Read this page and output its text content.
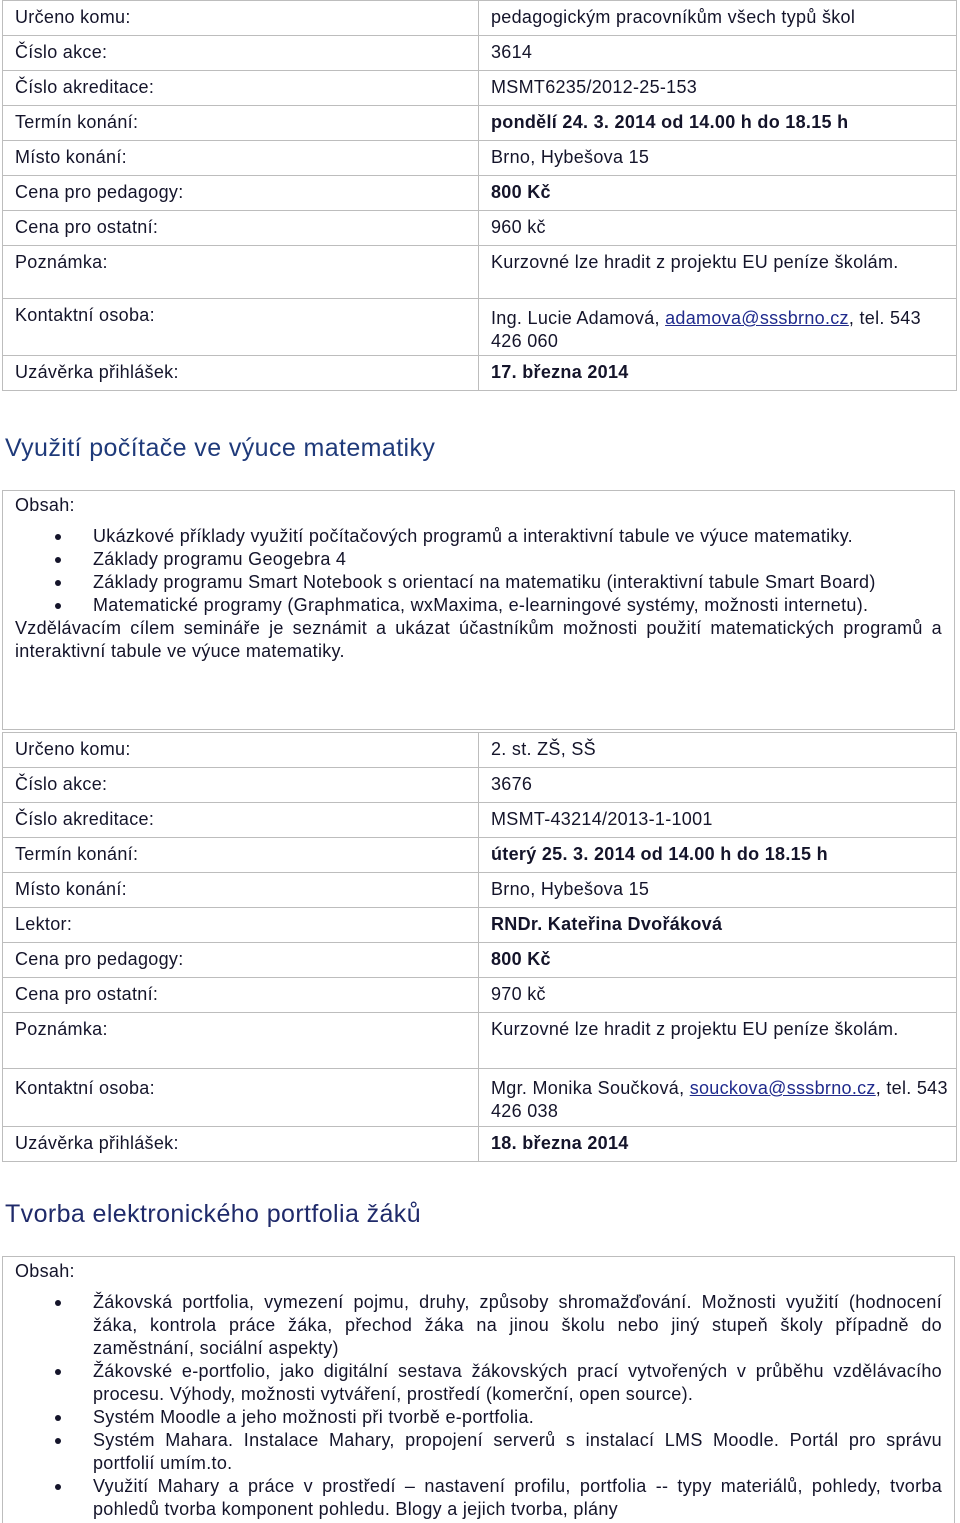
Určeno komu:	pedagogickým pracovníkům všech typů škol
Číslo akce:	3614
Číslo akreditace:	MSMT6235/2012-25-153
Termín konání:	pondělí 24. 3. 2014 od 14.00 h do 18.15 h
Místo konání:	Brno, Hybešova 15
Cena pro pedagogy:	800 Kč
Cena pro ostatní:	960 kč
Poznámka:	Kurzovné lze hradit z projektu EU peníze školám.
Kontaktní osoba:	Ing. Lucie Adamová, adamova@sssbrno.cz, tel. 543 426 060
Uzávěrka přihlášek:	17. března 2014
Využití počítače ve výuce matematiky
Obsah:
Ukázkové příklady využití počítačových programů a interaktivní tabule ve výuce matematiky.
Základy programu Geogebra 4
Základy programu Smart Notebook s orientací na matematiku (interaktivní tabule Smart Board)
Matematické programy (Graphmatica, wxMaxima, e-learningové systémy, možnosti internetu).

Vzdělávacím cílem semináře je seznámit a ukázat účastníkům možnosti použití matematických programů a interaktivní tabule ve výuce matematiky.

Určeno komu:	2. st. ZŠ, SŠ
Číslo akce:	3676
Číslo akreditace:	MSMT-43214/2013-1-1001
Termín konání:	úterý 25. 3. 2014 od 14.00 h do 18.15 h
Místo konání:	Brno, Hybešova 15
Lektor:	RNDr. Kateřina Dvořáková
Cena pro pedagogy:	800 Kč
Cena pro ostatní:	970 kč
Poznámka:	Kurzovné lze hradit z projektu EU peníze školám.
Kontaktní osoba:	Mgr. Monika Součková, souckova@sssbrno.cz, tel. 543 426 038
Uzávěrka přihlášek:	18. března 2014
Tvorba elektronického portfolia žáků
Obsah:
Žákovská portfolia, vymezení pojmu, druhy, způsoby shromažďování. Možnosti využití (hodnocení žáka, kontrola práce žáka, přechod žáka na jinou školu nebo jiný stupeň školy případně do zaměstnání, sociální aspekty)
Žákovské e-portfolio, jako digitální sestava žákovských prací vytvořených v průběhu vzdělávacího procesu. Výhody, možnosti vytváření, prostředí (komerční, open source).
Systém Moodle a jeho možnosti při tvorbě e-portfolia.
Systém Mahara. Instalace Mahary, propojení serverů s instalací LMS Moodle. Portál pro správu portfolií umím.to.
Využití Mahary a práce v prostředí – nastavení profilu, portfolia -- typy materiálů, pohledy, tvorba pohledů tvorba komponent pohledu. Blogy a jejich tvorba, plány
